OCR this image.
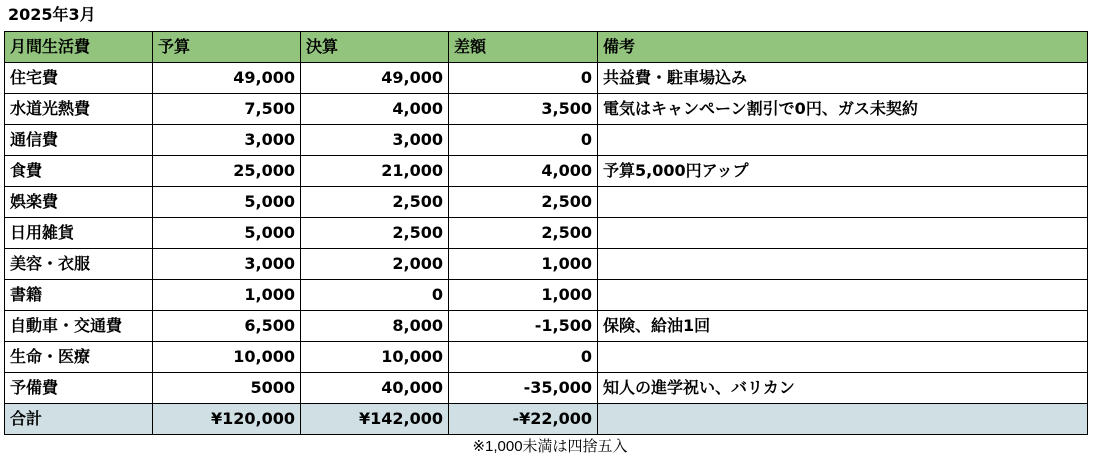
2025年3月
月間生活費	予算	決算	差額	備考
住宅費	49,000	49,000	0	共益費・駐車場込み
水道光熱費	7,500	4,000	3,500	電気はキャンペーン割引で0円、ガス未契約
通信費	3,000	3,000	0	
食費	25,000	21,000	4,000	予算5,000円アップ
娯楽費	5,000	2,500	2,500	
日用雑貨	5,000	2,500	2,500	
美容・衣服	3,000	2,000	1,000	
書籍	1,000	0	1,000	
自動車・交通費	6,500	8,000	-1,500	保険、給油1回
生命・医療	10,000	10,000	0	
予備費	5000	40,000	-35,000	知人の進学祝い、バリカン
合計	¥120,000	¥142,000	-¥22,000	
※1,000未満は四捨五入
